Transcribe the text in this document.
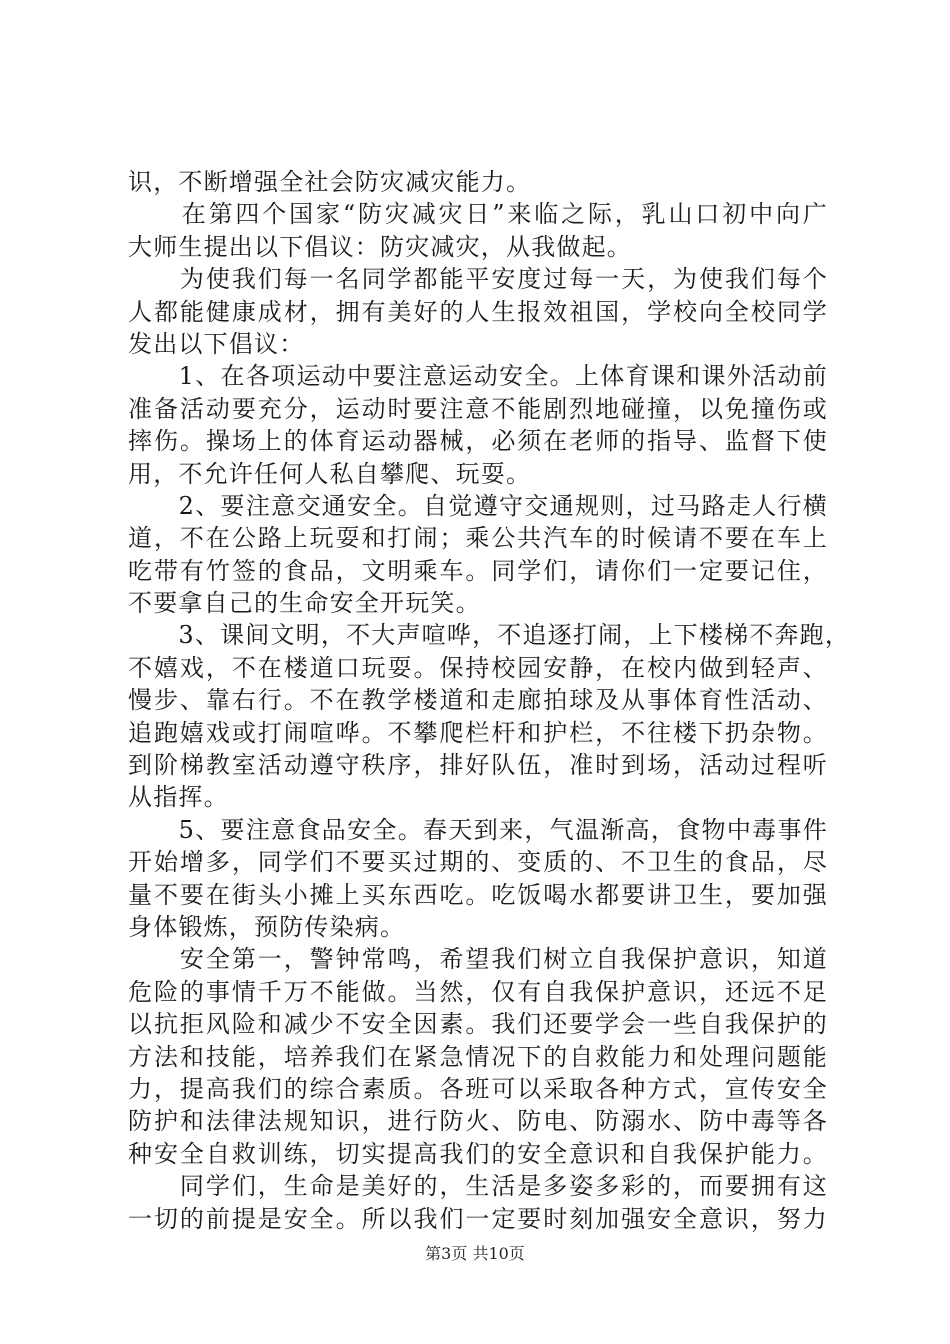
识，不断增强全社会防灾减灾能力。
　　在第四个国家“防灾减灾日”来临之际，乳山口初中向广
大师生提出以下倡议：防灾减灾，从我做起。
　　为使我们每一名同学都能平安度过每一天，为使我们每个
人都能健康成材，拥有美好的人生报效祖国，学校向全校同学
发出以下倡议：
　　1、在各项运动中要注意运动安全。上体育课和课外活动前
准备活动要充分，运动时要注意不能剧烈地碰撞，以免撞伤或
摔伤。操场上的体育运动器械，必须在老师的指导、监督下使
用，不允许任何人私自攀爬、玩耍。
　　2、要注意交通安全。自觉遵守交通规则，过马路走人行横
道，不在公路上玩耍和打闹；乘公共汽车的时候请不要在车上
吃带有竹签的食品，文明乘车。同学们，请你们一定要记住，
不要拿自己的生命安全开玩笑。
　　3、课间文明，不大声喧哗，不追逐打闹，上下楼梯不奔跑，
不嬉戏，不在楼道口玩耍。保持校园安静，在校内做到轻声、
慢步、靠右行。不在教学楼道和走廊拍球及从事体育性活动、
追跑嬉戏或打闹喧哗。不攀爬栏杆和护栏，不往楼下扔杂物。
到阶梯教室活动遵守秩序，排好队伍，准时到场，活动过程听
从指挥。
　　5、要注意食品安全。春天到来，气温渐高，食物中毒事件
开始增多，同学们不要买过期的、变质的、不卫生的食品，尽
量不要在街头小摊上买东西吃。吃饭喝水都要讲卫生，要加强
身体锻炼，预防传染病。
　　安全第一，警钟常鸣，希望我们树立自我保护意识，知道
危险的事情千万不能做。当然，仅有自我保护意识，还远不足
以抗拒风险和减少不安全因素。我们还要学会一些自我保护的
方法和技能，培养我们在紧急情况下的自救能力和处理问题能
力，提高我们的综合素质。各班可以采取各种方式，宣传安全
防护和法律法规知识，进行防火、防电、防溺水、防中毒等各
种安全自救训练，切实提高我们的安全意识和自我保护能力。
　　同学们，生命是美好的，生活是多姿多彩的，而要拥有这
一切的前提是安全。所以我们一定要时刻加强安全意识，努力
第3页 共10页
